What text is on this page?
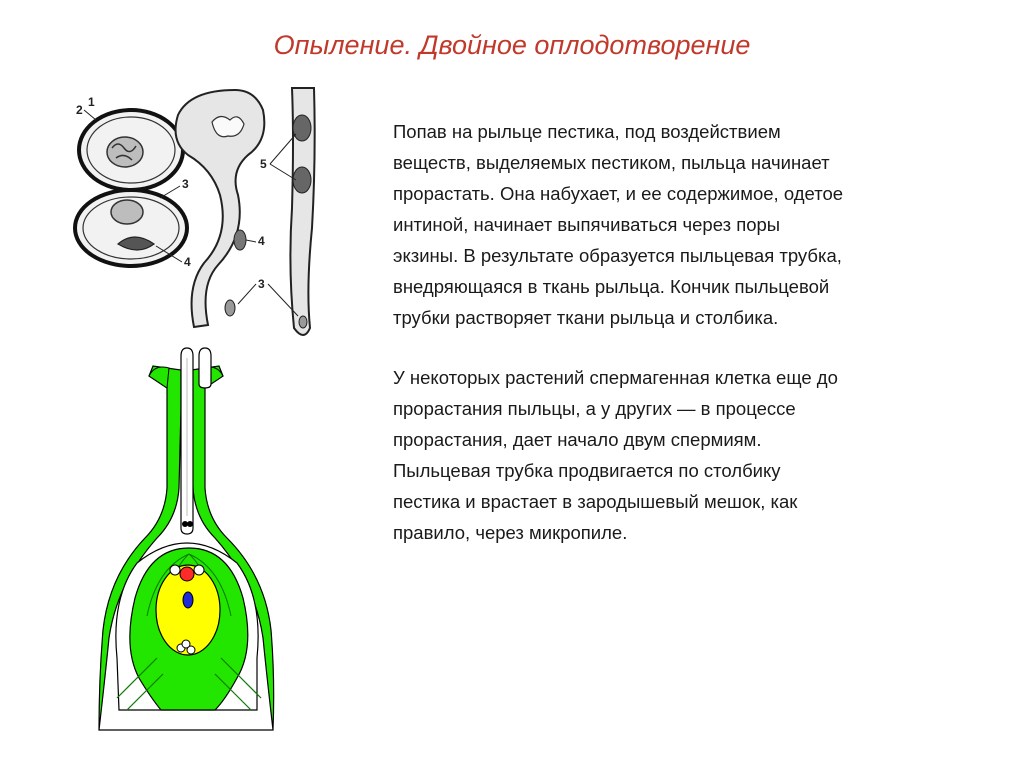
Опыление. Двойное оплодотворение

Попав на рыльце пестика, под воздействием
веществ, выделяемых пестиком, пыльца начинает
прорастать. Она набухает, и ее содержимое, одетое
интиной, начинает выпячиваться через поры
экзины. В результате образуется пыльцевая трубка,
внедряющаяся в ткань рыльца. Кончик пыльцевой
трубки растворяет ткани рыльца и столбика.

У некоторых растений спермагенная клетка еще до
прорастания пыльцы, а у других — в процессе
прорастания, дает начало двум спермиям.
Пыльцевая трубка продвигается по столбику
пестика и врастает в зародышевый мешок, как
правило, через микропиле.

1
2
3
4
4
3
5
